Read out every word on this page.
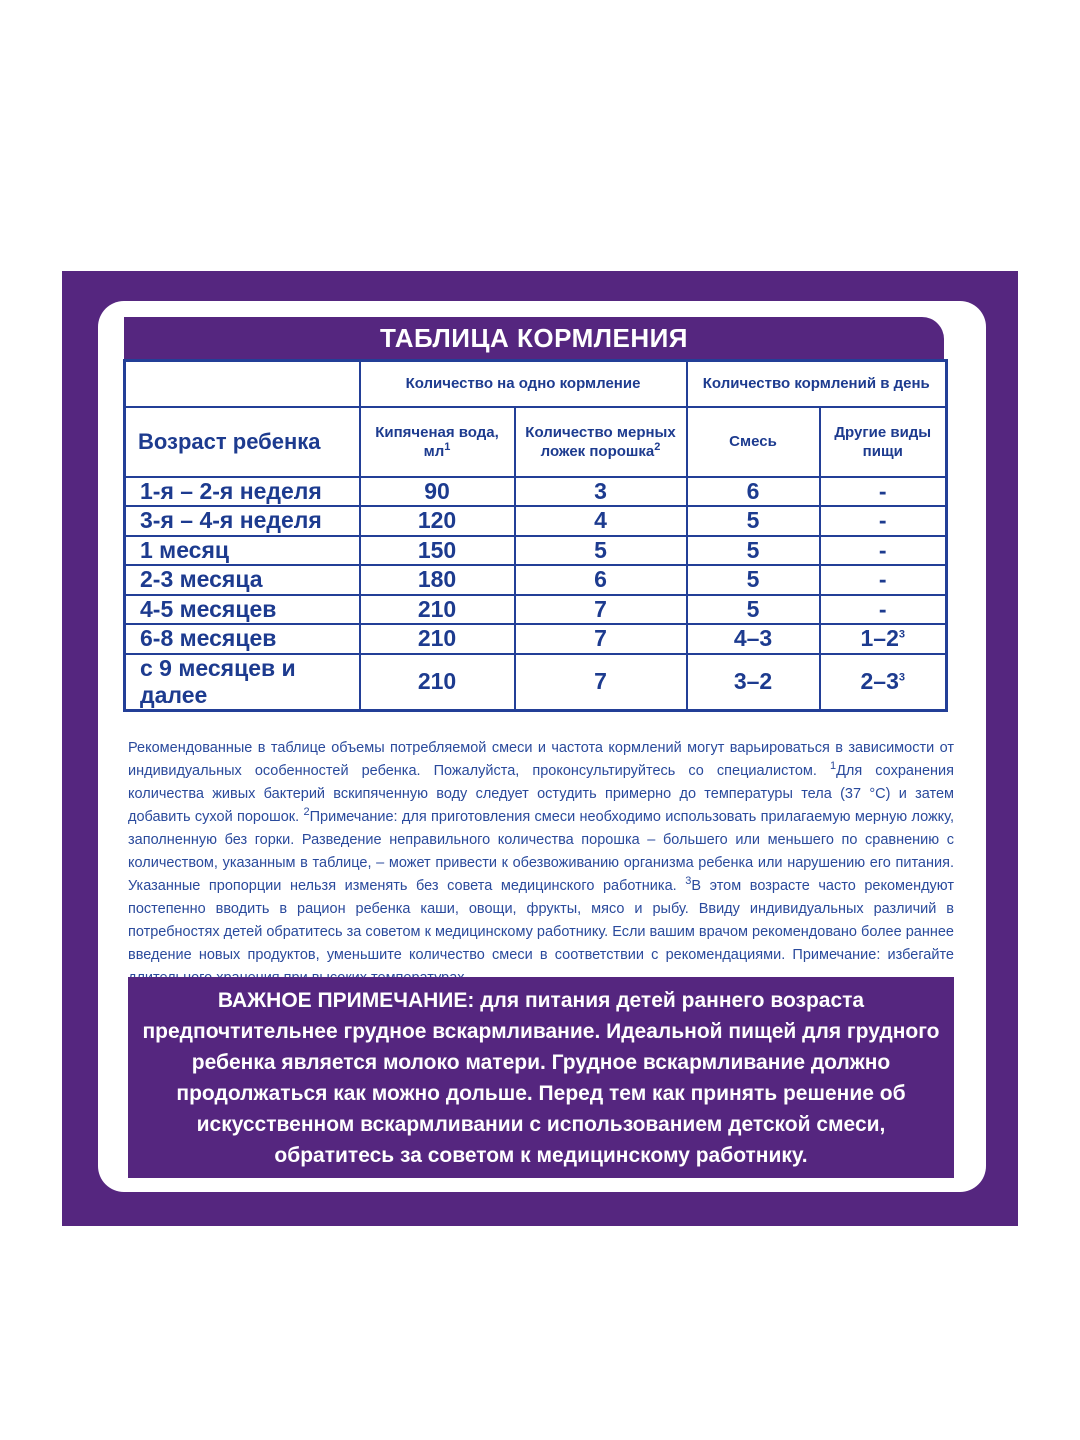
ТАБЛИЦА КОРМЛЕНИЯ
	Количество на одно кормление		Количество кормлений в день	
Возраст ребенка	Кипяченая вода, $мл^1$	Количество мерных ложек порошка$^2$	Смесь	Другие виды пищи
1-я – 2-я неделя	90	3	6	-
3-я – 4-я неделя	120	4	5	-
1 месяц	150	5	5	-
2-3 месяца	180	6	5	-
4-5 месяцев	210	7	5	-
6-8 месяцев	210	7	4–3	$1-2^3$
с 9 месяцев и далее	210	7	3–2	$2-3^3$

Рекомендованные в таблице объемы потребляемой смеси и частота кормлений могут варьироваться в зависимости от индивидуальных особенностей ребенка. Пожалуйста, проконсультируйтесь со специалистом. $^1$Для сохранения количества живых бактерий вскипяченную воду следует остудить примерно до температуры тела (37 °C) и затем добавить сухой порошок. $^2$Примечание: для приготовления смеси необходимо использовать прилагаемую мерную ложку, заполненную без горки. Разведение неправильного количества порошка – большего или меньшего по сравнению с количеством, указанным в таблице, – может привести к обезвоживанию организма ребенка или нарушению его питания. Указанные пропорции нельзя изменять без совета медицинского работника. $^3$В этом возрасте часто рекомендуют постепенно вводить в рацион ребенка каши, овощи, фрукты, мясо и рыбу. Ввиду индивидуальных различий в потребностях детей обратитесь за советом к медицинскому работнику. Если вашим врачом рекомендовано более раннее введение новых продуктов, уменьшите количество смеси в соответствии с рекомендациями. Примечание: избегайте

ВАЖНОЕ ПРИМЕЧАНИЕ: для питания детей раннего возраста предпочтительнее грудное вскармливание. Идеальной пищей для грудного ребенка является молоко матери. Грудное вскармливание должно продолжаться как можно дольше. Перед тем как принять решение об искусственном вскармливании с использованием детской смеси, обратитесь за советом к медицинскому работнику.
